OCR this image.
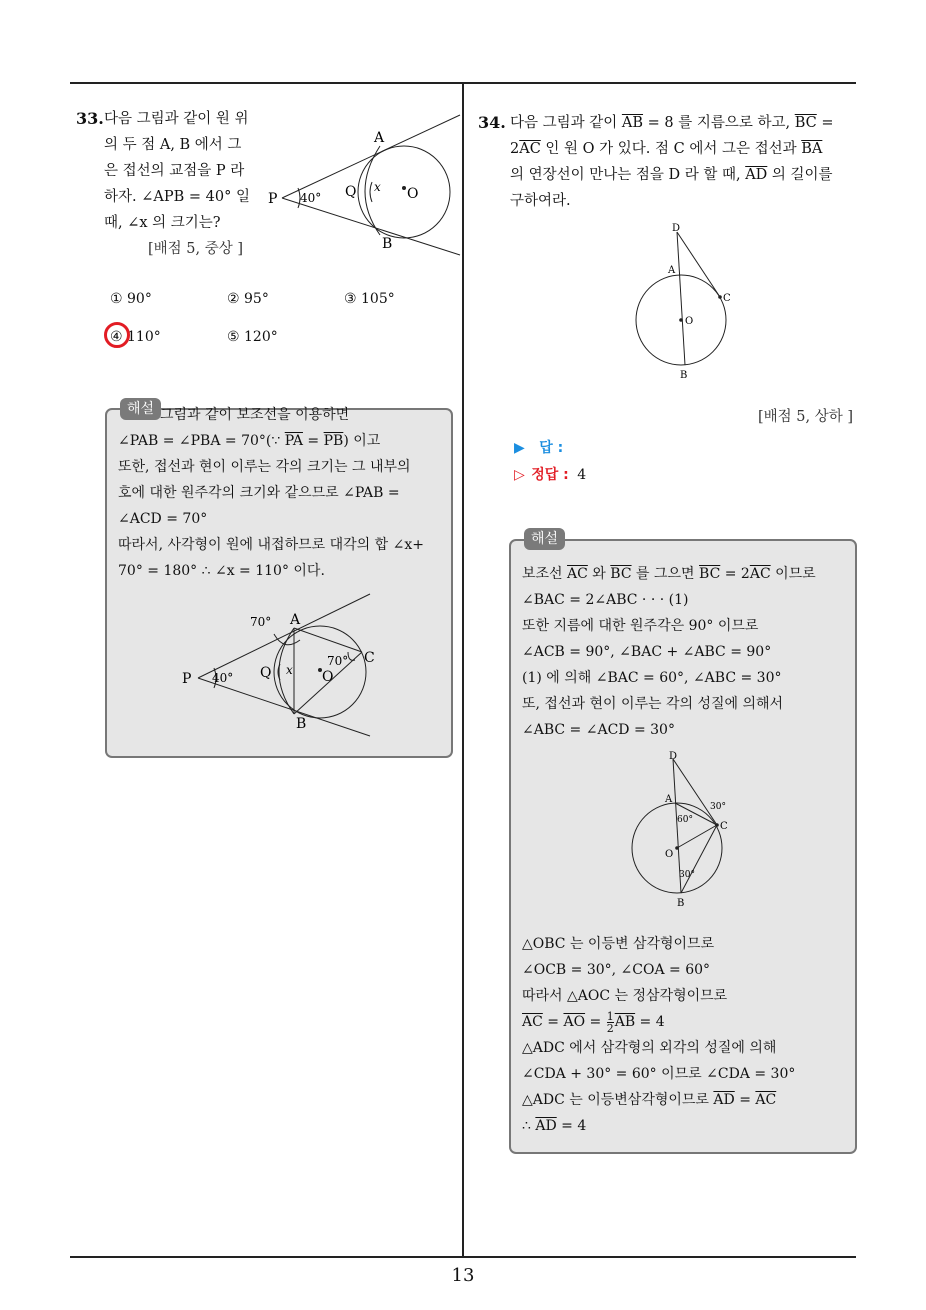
13
33. 다음 그림과 같이 원 위
의 두 점 A, B 에서 그
은 접선의 교점을 P 라
하자. ∠APB = 40° 일
때, ∠x 의 크기는?
[배점 5, 중상 ]
P 40°
A
B
Q x O
① 90°	② 95°	③ 105°
④ 110°	⑤ 120°
해설 그림과 같이 보조선을 이용하면
∠PAB = ∠PBA = 70°(∵ $\overline{PA} = \overline{PB}$) 이고
또한, 접선과 현이 이루는 각의 크기는 그 내부의
호에 대한 원주각의 크기와 같으므로 ∠PAB =
∠ACD = 70°
따라서, 사각형이 원에 내접하므로 대각의 합 ∠x+
70° = 180° ∴ ∠x = 110° 이다.
P 40°
A
70°
B
C
70°
Q x O
34. 다음 그림과 같이 $\overline{AB} = 8$ 를 지름으로 하고, $\overline{BC}$ =
$2\overline{AC}$ 인 원 O 가 있다. 점 C 에서 그은 접선과 $\overline{BA}$
의 연장선이 만나는 점을 D 라 할 때, $\overline{AD}$ 의 길이를
구하여라.
D
A
C
O
B
[배점 5, 상하 ]
▶ 답 :
▷ 정답 : 4
해설
보조선 $\overline{AC}$ 와 $\overline{BC}$ 를 그으면 $\overline{BC} = 2\overline{AC}$ 이므로
∠BAC = 2∠ABC · · · (1)
또한 지름에 대한 원주각은 90° 이므로
∠ACB = 90°, ∠BAC + ∠ABC = 90°
(1) 에 의해 ∠BAC = 60°, ∠ABC = 30°
또, 접선과 현이 이루는 각의 성질에 의해서
∠ABC = ∠ACD = 30°
D
A
30°
60°
C
O
30°
B
△OBC 는 이등변 삼각형이므로
∠OCB = 30°, ∠COA = 60°
따라서 △AOC 는 정삼각형이므로
$\overline{AC} = \overline{AO} = \frac{1}{2} \overline{AB} = 4$
△ADC 에서 삼각형의 외각의 성질에 의해
∠CDA + 30° = 60° 이므로 ∠CDA = 30°
△ADC 는 이등변삼각형이므로 $\overline{AD} = \overline{AC}$
∴ $\overline{AD} = 4$
